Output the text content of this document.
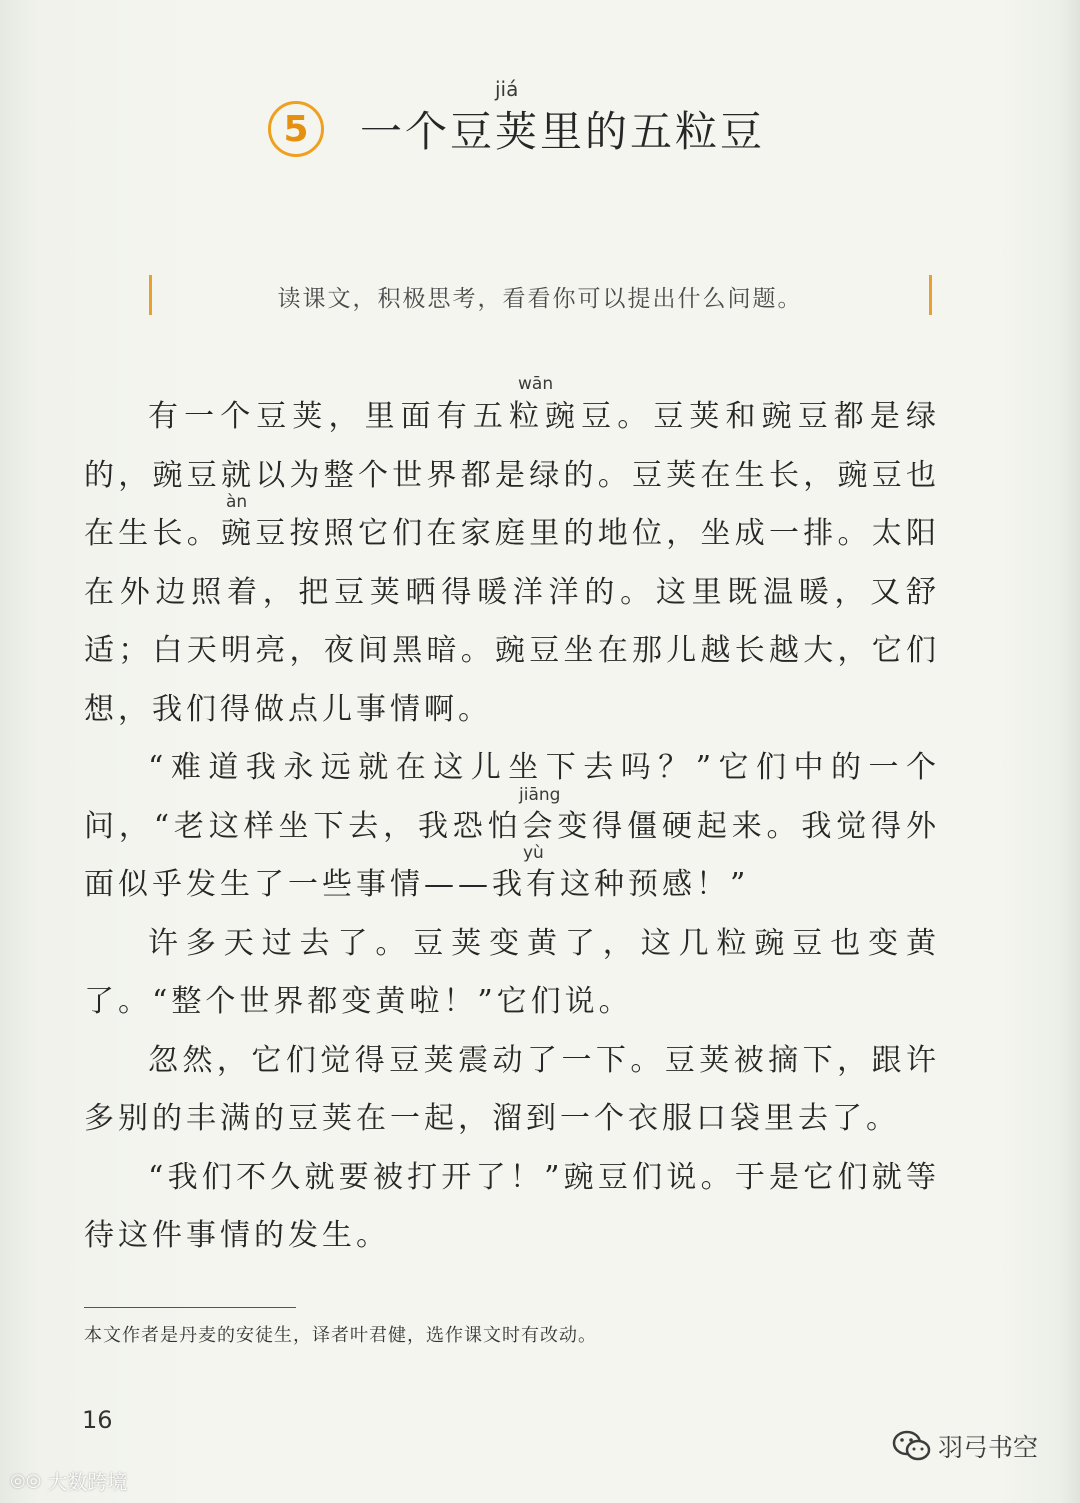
5	一个豆荚里的五粒豆
jiá
读课文，积极思考，看看你可以提出什么问题。
wān
àn
jiāng
yù

有一个豆荚，里面有五粒豌豆。豆荚和豌豆都是绿的，豌豆就以为整个世界都是绿的。豆荚在生长，豌豆也在生长。豌豆按照它们在家庭里的地位，坐成一排。太阳在外边照着，把豆荚晒得暖洋洋的。这里既温暖，又舒适；白天明亮，夜间黑暗。豌豆坐在那儿越长越大，它们想，我们得做点儿事情啊。

“难道我永远就在这儿坐下去吗？”它们中的一个问，“老这样坐下去，我恐怕会变得僵硬起来。我觉得外面似乎发生了一些事情——我有这种预感！”

许多天过去了。豆荚变黄了，这几粒豌豆也变黄了。“整个世界都变黄啦！”它们说。

忽然，它们觉得豆荚震动了一下。豆荚被摘下，跟许多别的丰满的豆荚在一起，溜到一个衣服口袋里去了。

“我们不久就要被打开了！”豌豆们说。于是它们就等待这件事情的发生。

本文作者是丹麦的安徒生，译者叶君健，选作课文时有改动。
16
羽弓书空
◎◎ 大数跨境
